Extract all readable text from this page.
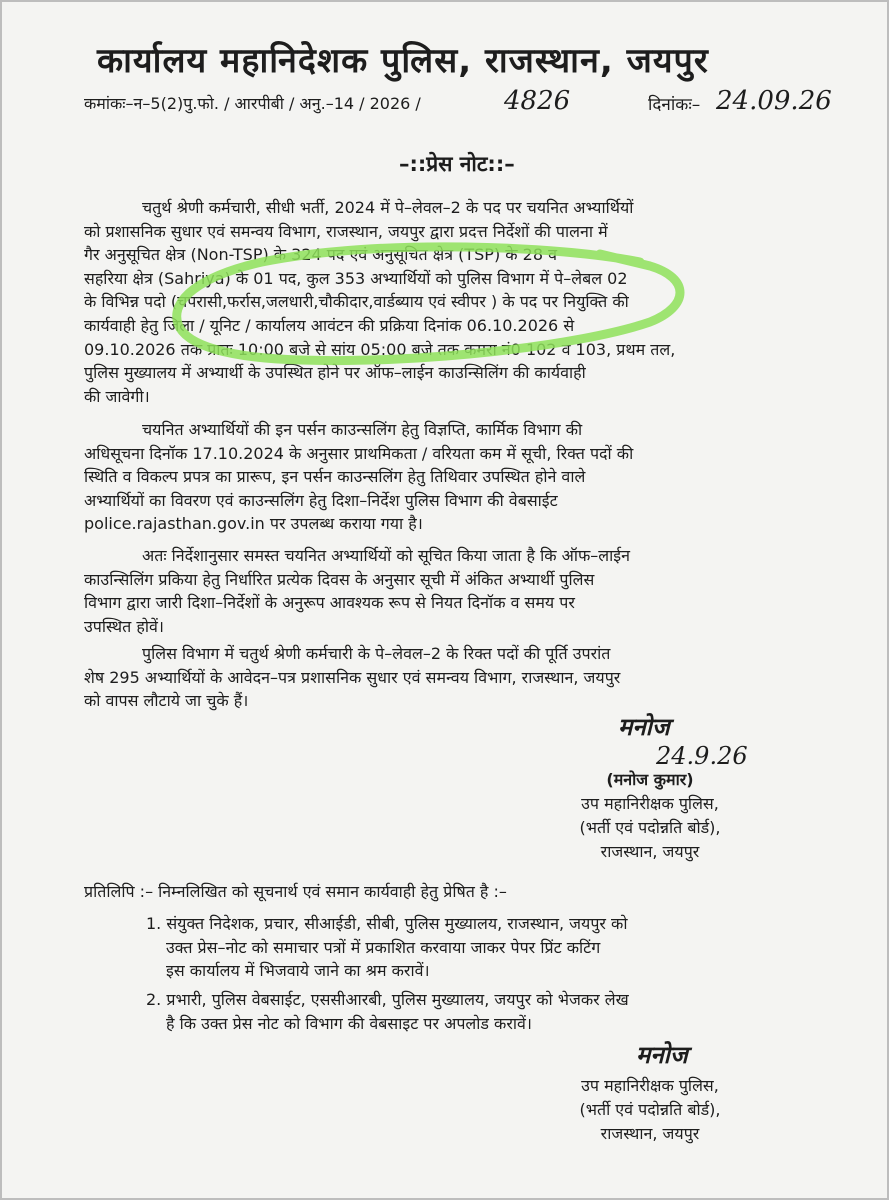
कार्यालय महानिदेशक पुलिस, राजस्थान, जयपुर
कमांकः–न–5(2)पु.फो. / आरपीबी / अनु.–14 / 2026 /	4826	दिनांकः– 24.09.26
–::प्रेस नोट::–
चतुर्थ श्रेणी कर्मचारी, सीधी भर्ती, 2024 में पे–लेवल–2 के पद पर चयनित अभ्यार्थियों
को प्रशासनिक सुधार एवं समन्वय विभाग, राजस्थान, जयपुर द्वारा प्रदत्त निर्देशों की पालना में
गैर अनुसूचित क्षेत्र (Non-TSP) के 324 पद एवं अनुसूचित क्षेत्र (TSP) के 28 व
सहरिया क्षेत्र (Sahriya) के 01 पद, कुल 353 अभ्यार्थियों को पुलिस विभाग में पे–लेबल 02
के विभिन्न पदो (चपरासी,फर्रास,जलधारी,चौकीदार,वार्डब्याय एवं स्वीपर ) के पद पर नियुक्ति की
कार्यवाही हेतु जिला / यूनिट / कार्यालय आवंटन की प्रक्रिया दिनांक 06.10.2026 से
09.10.2026 तक प्रातः 10:00 बजे से सांय 05:00 बजे तक कमरा नं0 102 व 103, प्रथम तल,
पुलिस मुख्यालय में अभ्यार्थी के उपस्थित होने पर ऑफ–लाईन काउन्सिलिंग की कार्यवाही
की जावेगी।
चयनित अभ्यार्थियों की इन पर्सन काउन्सलिंग हेतु विज्ञप्ति, कार्मिक विभाग की
अधिसूचना दिनॉक 17.10.2024 के अनुसार प्राथमिकता / वरियता कम में सूची, रिक्त पदों की
स्थिति व विकल्प प्रपत्र का प्रारूप, इन पर्सन काउन्सलिंग हेतु तिथिवार उपस्थित होने वाले
अभ्यार्थियों का विवरण एवं काउन्सलिंग हेतु दिशा–निर्देश पुलिस विभाग की वेबसाईट
police.rajasthan.gov.in पर उपलब्ध कराया गया है।
अतः निर्देशानुसार समस्त चयनित अभ्यार्थियों को सूचित किया जाता है कि ऑफ–लाईन
काउन्सिलिंग प्रकिया हेतु निर्धारित प्रत्येक दिवस के अनुसार सूची में अंकित अभ्यार्थी पुलिस
विभाग द्वारा जारी दिशा–निर्देशों के अनुरूप आवश्यक रूप से नियत दिनॉक व समय पर
उपस्थित होवें।
पुलिस विभाग में चतुर्थ श्रेणी कर्मचारी के पे–लेवल–2 के रिक्त पदों की पूर्ति उपरांत
शेष 295 अभ्यार्थियों के आवेदन–पत्र प्रशासनिक सुधार एवं समन्वय विभाग, राजस्थान, जयपुर
को वापस लौटाये जा चुके हैं।
मनोज
24.9.26
(मनोज कुमार)
उप महानिरीक्षक पुलिस,
(भर्ती एवं पदोन्नति बोर्ड),
राजस्थान, जयपुर
प्रतिलिपि :– निम्नलिखित को सूचनार्थ एवं समान कार्यवाही हेतु प्रेषित है :–
1. संयुक्त निदेशक, प्रचार, सीआईडी, सीबी, पुलिस मुख्यालय, राजस्थान, जयपुर को
उक्त प्रेस–नोट को समाचार पत्रों में प्रकाशित करवाया जाकर पेपर प्रिंट कटिंग
इस कार्यालय में भिजवाये जाने का श्रम करावें।
2. प्रभारी, पुलिस वेबसाईट, एससीआरबी, पुलिस मुख्यालय, जयपुर को भेजकर लेख
है कि उक्त प्रेस नोट को विभाग की वेबसाइट पर अपलोड करावें।
मनोज
उप महानिरीक्षक पुलिस,
(भर्ती एवं पदोन्नति बोर्ड),
राजस्थान, जयपुर
